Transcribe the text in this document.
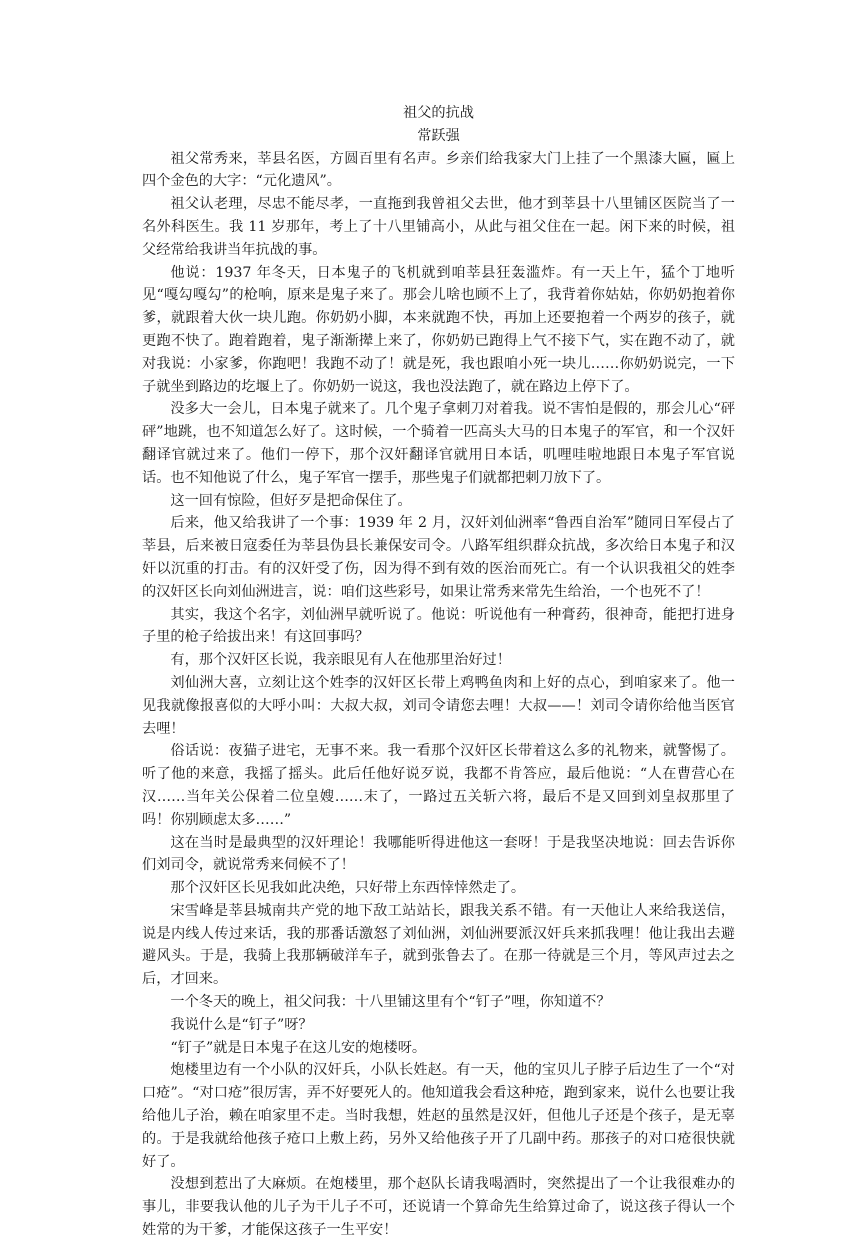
祖父的抗战

常跃强

祖父常秀来，莘县名医，方圆百里有名声。乡亲们给我家大门上挂了一个黑漆大匾，匾上四个金色的大字：“元化遗风”。

祖父认老理，尽忠不能尽孝，一直拖到我曾祖父去世，他才到莘县十八里铺区医院当了一名外科医生。我 11 岁那年，考上了十八里铺高小，从此与祖父住在一起。闲下来的时候，祖父经常给我讲当年抗战的事。

他说：1937 年冬天，日本鬼子的飞机就到咱莘县狂轰滥炸。有一天上午，猛个丁地听见“嘎勾嘎勾”的枪响，原来是鬼子来了。那会儿啥也顾不上了，我背着你姑姑，你奶奶抱着你爹，就跟着大伙一块儿跑。你奶奶小脚，本来就跑不快，再加上还要抱着一个两岁的孩子，就更跑不快了。跑着跑着，鬼子渐渐撵上来了，你奶奶已跑得上气不接下气，实在跑不动了，就对我说：小家爹，你跑吧！我跑不动了！就是死，我也跟咱小死一块儿……你奶奶说完，一下子就坐到路边的圪堰上了。你奶奶一说这，我也没法跑了，就在路边上停下了。

没多大一会儿，日本鬼子就来了。几个鬼子拿刺刀对着我。说不害怕是假的，那会儿心“砰砰”地跳，也不知道怎么好了。这时候，一个骑着一匹高头大马的日本鬼子的军官，和一个汉奸翻译官就过来了。他们一停下，那个汉奸翻译官就用日本话，叽哩哇啦地跟日本鬼子军官说话。也不知他说了什么，鬼子军官一摆手，那些鬼子们就都把刺刀放下了。

这一回有惊险，但好歹是把命保住了。

后来，他又给我讲了一个事：1939 年 2 月，汉奸刘仙洲率“鲁西自治军”随同日军侵占了莘县，后来被日寇委任为莘县伪县长兼保安司令。八路军组织群众抗战，多次给日本鬼子和汉奸以沉重的打击。有的汉奸受了伤，因为得不到有效的医治而死亡。有一个认识我祖父的姓李的汉奸区长向刘仙洲进言，说：咱们这些彩号，如果让常秀来常先生给治，一个也死不了！

其实，我这个名字，刘仙洲早就听说了。他说：听说他有一种膏药，很神奇，能把打进身子里的枪子给拔出来！有这回事吗？

有，那个汉奸区长说，我亲眼见有人在他那里治好过！

刘仙洲大喜，立刻让这个姓李的汉奸区长带上鸡鸭鱼肉和上好的点心，到咱家来了。他一见我就像报喜似的大呼小叫：大叔大叔，刘司令请您去哩！大叔——！刘司令请你给他当医官去哩！

俗话说：夜猫子进宅，无事不来。我一看那个汉奸区长带着这么多的礼物来，就警惕了。听了他的来意，我摇了摇头。此后任他好说歹说，我都不肯答应，最后他说：“人在曹营心在汉……当年关公保着二位皇嫂……末了，一路过五关斩六将，最后不是又回到刘皇叔那里了吗！你别顾虑太多……”

这在当时是最典型的汉奸理论！我哪能听得进他这一套呀！于是我坚决地说：回去告诉你们刘司令，就说常秀来伺候不了！

那个汉奸区长见我如此决绝，只好带上东西悻悻然走了。

宋雪峰是莘县城南共产党的地下敌工站站长，跟我关系不错。有一天他让人来给我送信，说是内线人传过来话，我的那番话激怒了刘仙洲，刘仙洲要派汉奸兵来抓我哩！他让我出去避避风头。于是，我骑上我那辆破洋车子，就到张鲁去了。在那一待就是三个月，等风声过去之后，才回来。

一个冬天的晚上，祖父问我：十八里铺这里有个“钉子”哩，你知道不？

我说什么是“钉子”呀？

“钉子”就是日本鬼子在这儿安的炮楼呀。

炮楼里边有一个小队的汉奸兵，小队长姓赵。有一天，他的宝贝儿子脖子后边生了一个“对口疮”。“对口疮”很厉害，弄不好要死人的。他知道我会看这种疮，跑到家来，说什么也要让我给他儿子治，赖在咱家里不走。当时我想，姓赵的虽然是汉奸，但他儿子还是个孩子，是无辜的。于是我就给他孩子疮口上敷上药，另外又给他孩子开了几副中药。那孩子的对口疮很快就好了。

没想到惹出了大麻烦。在炮楼里，那个赵队长请我喝酒时，突然提出了一个让我很难办的事儿，非要我认他的儿子为干儿子不可，还说请一个算命先生给算过命了，说这孩子得认一个姓常的为干爹，才能保这孩子一生平安！
